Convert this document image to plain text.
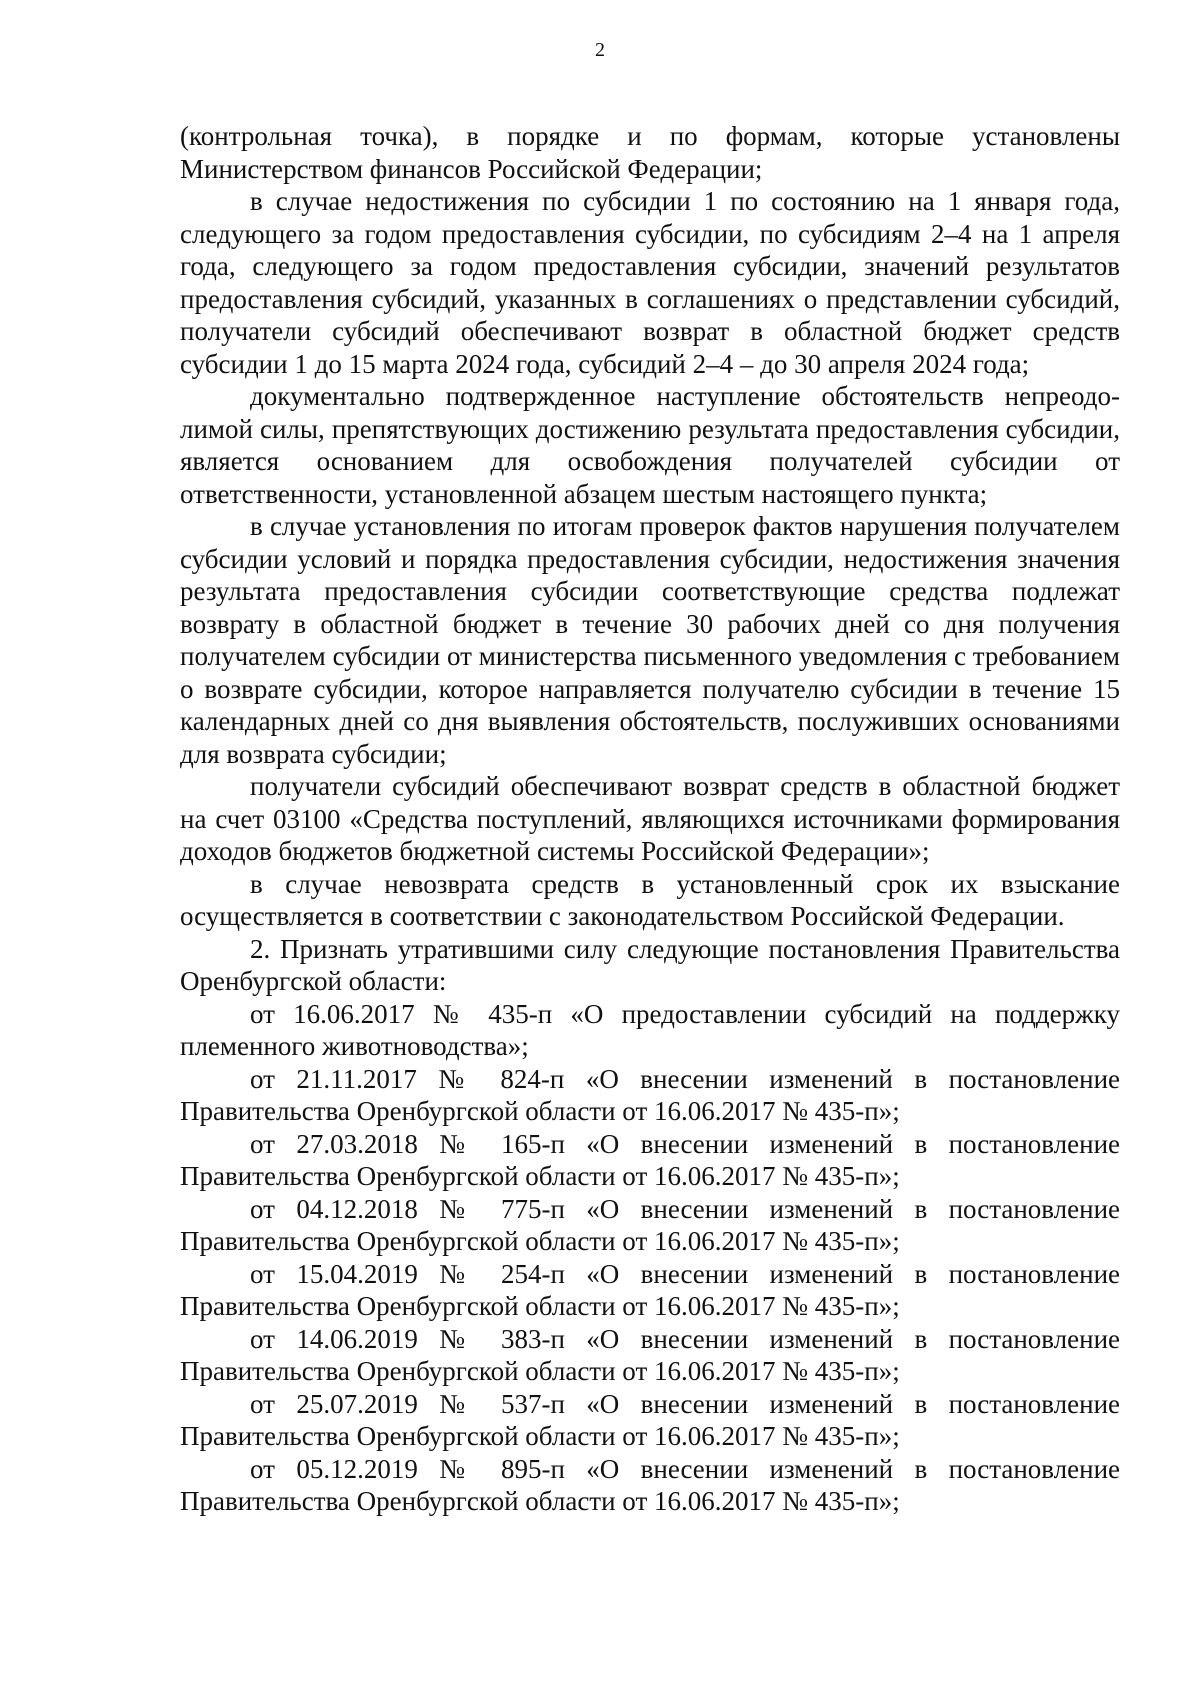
2

(контрольная точка), в порядке и по формам, которые установлены Министерством финансов Российской Федерации;

в случае недостижения по субсидии 1 по состоянию на 1 января года, следующего за годом предоставления субсидии, по субсидиям 2–4 на 1 апреля года, следующего за годом предоставления субсидии, значений результатов предоставления субсидий, указанных в соглашениях о представлении субсидий, получатели субсидий обеспечивают возврат в областной бюджет средств субсидии 1 до 15 марта 2024 года, субсидий 2–4 – до 30 апреля 2024 года;

документально подтвержденное наступление обстоятельств непреодолимой силы, препятствующих достижению результата предоставления субсидии, является основанием для освобождения получателей субсидии от ответственности, установленной абзацем шестым настоящего пункта;

в случае установления по итогам проверок фактов нарушения получателем субсидии условий и порядка предоставления субсидии, недостижения значения результата предоставления субсидии соответствующие средства подлежат возврату в областной бюджет в течение 30 рабочих дней со дня получения получателем субсидии от министерства письменного уведомления с требованием о возврате субсидии, которое направляется получателю субсидии в течение 15 календарных дней со дня выявления обстоятельств, послуживших основаниями для возврата субсидии;

получатели субсидий обеспечивают возврат средств в областной бюджет на счет 03100 «Средства поступлений, являющихся источниками формирования доходов бюджетов бюджетной системы Российской Федерации»;

в случае невозврата средств в установленный срок их взыскание осуществляется в соответствии с законодательством Российской Федерации.

2. Признать утратившими силу следующие постановления Правительства Оренбургской области:

от 16.06.2017 № 435-п «О предоставлении субсидий на поддержку племенного животноводства»;

от 21.11.2017 № 824-п «О внесении изменений в постановление Правительства Оренбургской области от 16.06.2017 № 435-п»;

от 27.03.2018 № 165-п «О внесении изменений в постановление Правительства Оренбургской области от 16.06.2017 № 435-п»;

от 04.12.2018 № 775-п «О внесении изменений в постановление Правительства Оренбургской области от 16.06.2017 № 435-п»;

от 15.04.2019 № 254-п «О внесении изменений в постановление Правительства Оренбургской области от 16.06.2017 № 435-п»;

от 14.06.2019 № 383-п «О внесении изменений в постановление Правительства Оренбургской области от 16.06.2017 № 435-п»;

от 25.07.2019 № 537-п «О внесении изменений в постановление Правительства Оренбургской области от 16.06.2017 № 435-п»;

от 05.12.2019 № 895-п «О внесении изменений в постановление Правительства Оренбургской области от 16.06.2017 № 435-п»;
